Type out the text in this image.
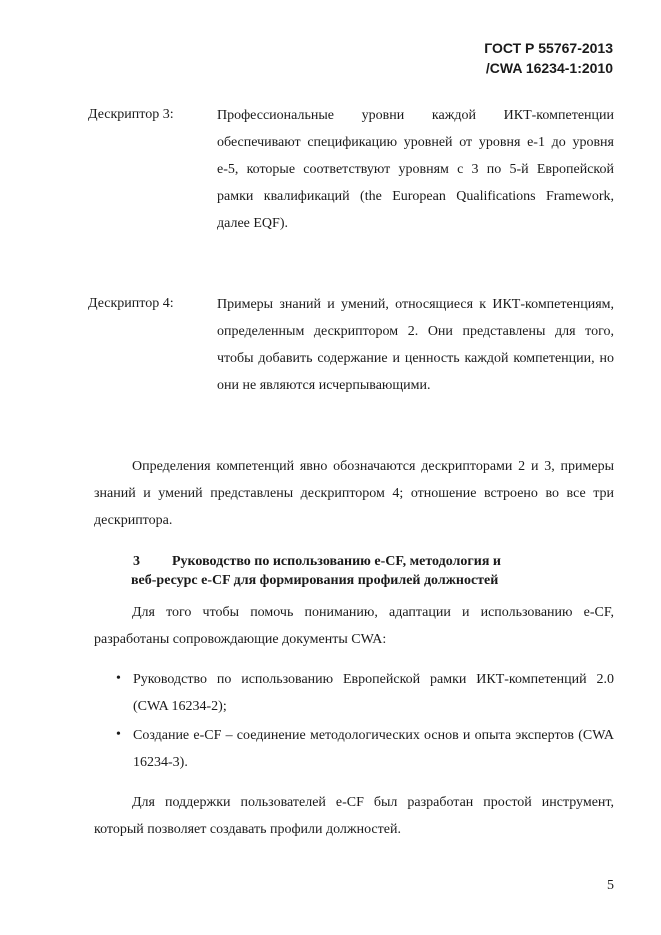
ГОСТ Р 55767-2013
/CWA 16234-1:2010
Дескриптор 3:	Профессиональные уровни каждой ИКТ-компетенции обеспечивают спецификацию уровней от уровня е-1 до уровня е-5, которые соответствуют уровням с 3 по 5-й Европейской рамки квалификаций (the European Qualifications Framework, далее EQF).
Дескриптор 4:	Примеры знаний и умений, относящиеся к ИКТ-компетенциям, определенным дескриптором 2. Они представлены для того, чтобы добавить содержание и ценность каждой компетенции, но они не являются исчерпывающими.
Определения компетенций явно обозначаются дескрипторами 2 и 3, примеры знаний и умений представлены дескриптором 4; отношение встроено во все три дескриптора.
3 Руководство по использованию e-CF, методология и
веб-ресурс e-CF для формирования профилей должностей
Для того чтобы помочь пониманию, адаптации и использованию e-CF, разработаны сопровождающие документы CWA:
• Руководство по использованию Европейской рамки ИКТ-компетенций 2.0 (CWA 16234-2);
• Создание e-CF – соединение методологических основ и опыта экспертов (CWA 16234-3).
Для поддержки пользователей e-CF был разработан простой инструмент, который позволяет создавать профили должностей.
5
